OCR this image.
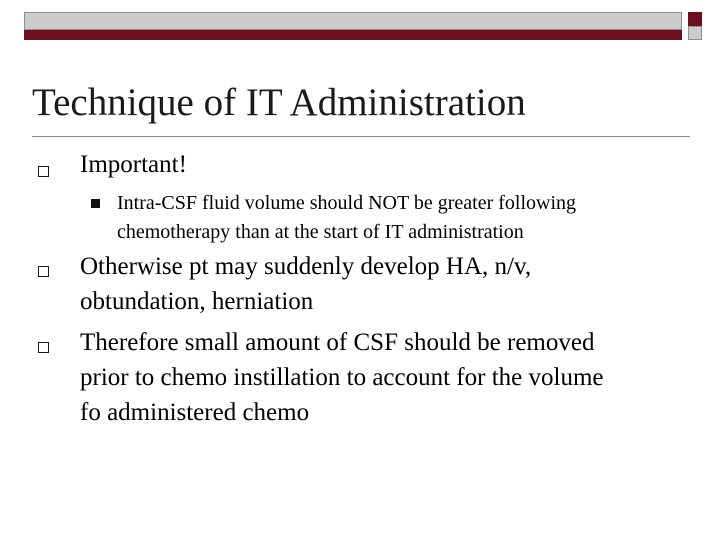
Technique of IT Administration
Important!
Intra-CSF fluid volume should NOT be greater following
chemotherapy than at the start of IT administration
Otherwise pt may suddenly develop HA, n/v,
obtundation, herniation
Therefore small amount of CSF should be removed
prior to chemo instillation to account for the volume
fo administered chemo
